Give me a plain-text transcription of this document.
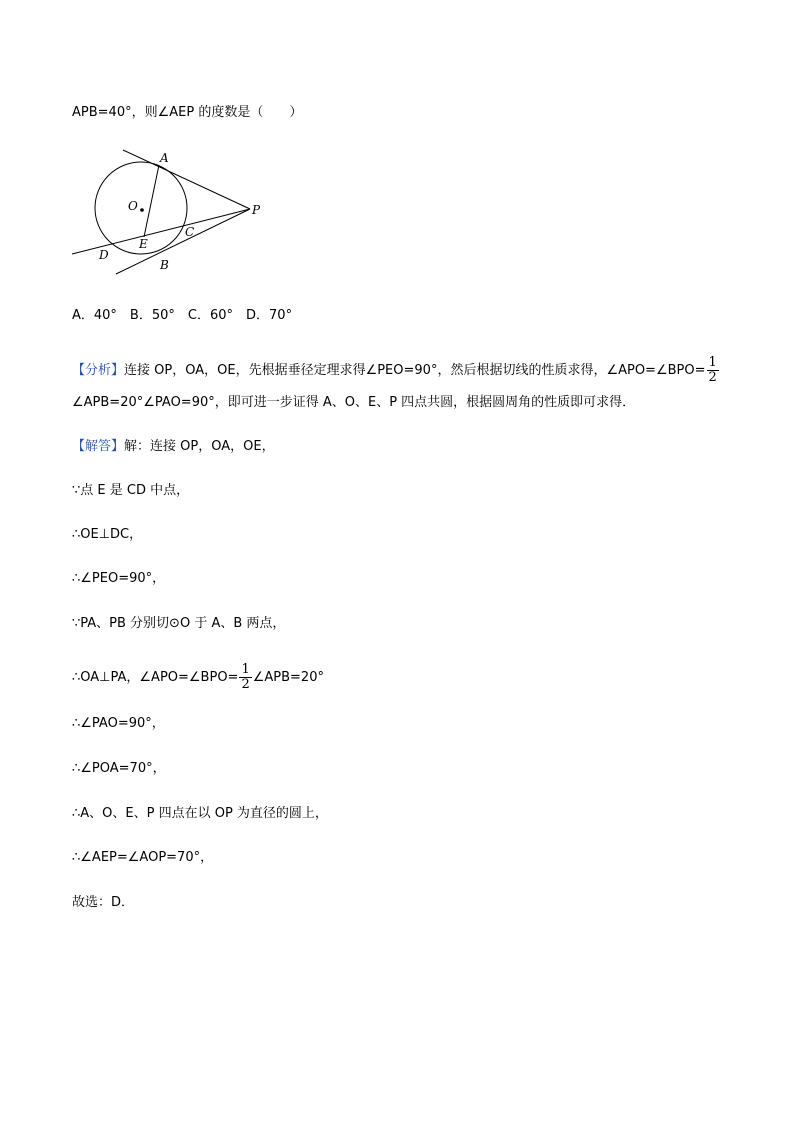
APB=40°，则∠AEP 的度数是（　　）
A
O	P
E
C
D
B
A．40°　B．50°　C．60°　D．70°
【分析】连接 OP，OA，OE，先根据垂径定理求得∠PEO=90°，然后根据切线的性质求得，∠APO=∠BPO= $\frac{1}{2}$
∠APB=20°∠PAO=90°，即可进一步证得 A、O、E、P 四点共圆，根据圆周角的性质即可求得．
【解答】解：连接 OP，OA，OE，
∵点 E 是 CD 中点，
∴OE⊥DC，
∴∠PEO=90°，
∵PA、PB 分别切⊙O 于 A、B 两点，
∴OA⊥PA，∠APO=∠BPO= $\frac{1}{2}$ ∠APB=20°
∴∠PAO=90°，
∴∠POA=70°，
∴A、O、E、P 四点在以 OP 为直径的圆上，
∴∠AEP=∠AOP=70°，
故选：D．
